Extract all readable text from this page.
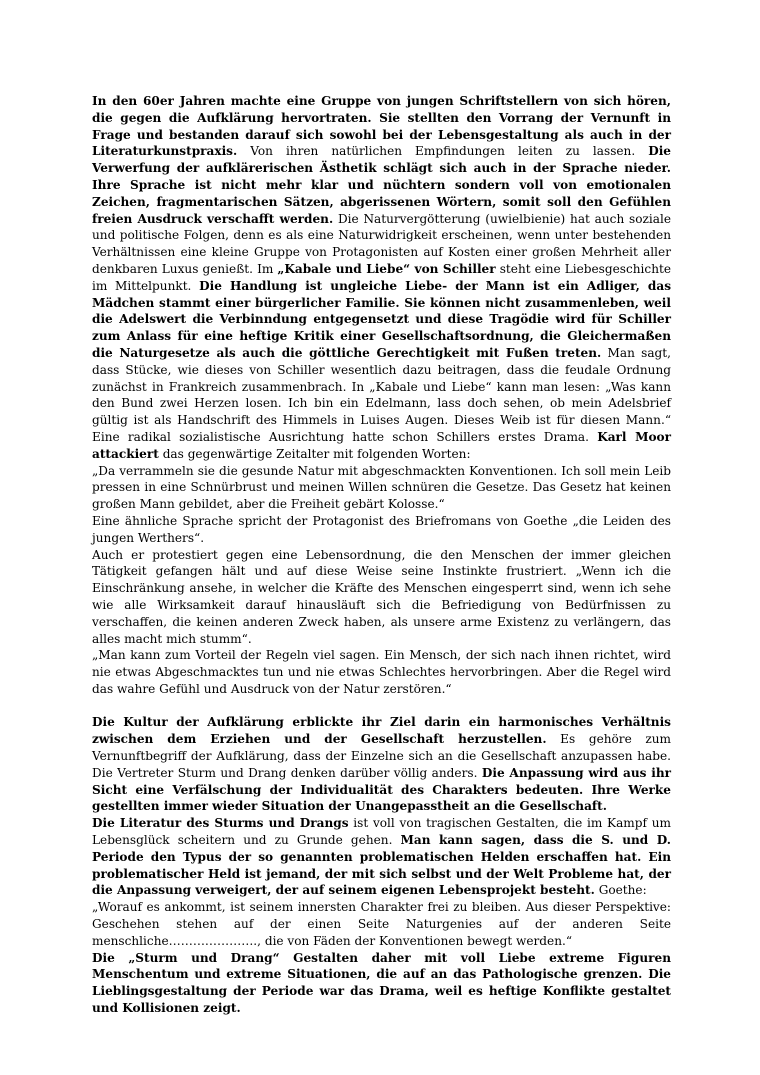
In den 60er Jahren machte eine Gruppe von jungen Schriftstellern von sich hören, die gegen die Aufklärung hervortraten. Sie stellten den Vorrang der Vernunft in Frage und bestanden darauf sich sowohl bei der Lebensgestaltung als auch in der Literaturkunstpraxis. Von ihren natürlichen Empfindungen leiten zu lassen. Die Verwerfung der aufklärerischen Ästhetik schlägt sich auch in der Sprache nieder. Ihre Sprache ist nicht mehr klar und nüchtern sondern voll von emotionalen Zeichen, fragmentarischen Sätzen, abgerissenen Wörtern, somit soll den Gefühlen freien Ausdruck verschafft werden. Die Naturvergötterung (uwielbienie) hat auch soziale und politische Folgen, denn es als eine Naturwidrigkeit erscheinen, wenn unter bestehenden Verhältnissen eine kleine Gruppe von Protagonisten auf Kosten einer großen Mehrheit aller denkbaren Luxus genießt. Im „Kabale und Liebe“ von Schiller steht eine Liebesgeschichte im Mittelpunkt. Die Handlung ist ungleiche Liebe- der Mann ist ein Adliger, das Mädchen stammt einer bürgerlicher Familie. Sie können nicht zusammenleben, weil die Adelswert die Verbinndung entgegensetzt und diese Tragödie wird für Schiller zum Anlass für eine heftige Kritik einer Gesellschaftsordnung, die Gleichermaßen die Naturgesetze als auch die göttliche Gerechtigkeit mit Fußen treten. Man sagt, dass Stücke, wie dieses von Schiller wesentlich dazu beitragen, dass die feudale Ordnung zunächst in Frankreich zusammenbrach. In „Kabale und Liebe“ kann man lesen: „Was kann den Bund zwei Herzen losen. Ich bin ein Edelmann, lass doch sehen, ob mein Adelsbrief gültig ist als Handschrift des Himmels in Luises Augen. Dieses Weib ist für diesen Mann.“ Eine radikal sozialistische Ausrichtung hatte schon Schillers erstes Drama. Karl Moor attackiert das gegenwärtige Zeitalter mit folgenden Worten:

„Da verrammeln sie die gesunde Natur mit abgeschmackten Konventionen. Ich soll mein Leib pressen in eine Schnürbrust und meinen Willen schnüren die Gesetze. Das Gesetz hat keinen großen Mann gebildet, aber die Freiheit gebärt Kolosse.“

Eine ähnliche Sprache spricht der Protagonist des Briefromans von Goethe „die Leiden des jungen Werthers“.

Auch er protestiert gegen eine Lebensordnung, die den Menschen der immer gleichen Tätigkeit gefangen hält und auf diese Weise seine Instinkte frustriert. „Wenn ich die Einschränkung ansehe, in welcher die Kräfte des Menschen eingesperrt sind, wenn ich sehe wie alle Wirksamkeit darauf hinausläuft sich die Befriedigung von Bedürfnissen zu verschaffen, die keinen anderen Zweck haben, als unsere arme Existenz zu verlängern, das alles macht mich stumm“.

„Man kann zum Vorteil der Regeln viel sagen. Ein Mensch, der sich nach ihnen richtet, wird nie etwas Abgeschmacktes tun und nie etwas Schlechtes hervorbringen. Aber die Regel wird das wahre Gefühl und Ausdruck von der Natur zerstören.“

Die Kultur der Aufklärung erblickte ihr Ziel darin ein harmonisches Verhältnis zwischen dem Erziehen und der Gesellschaft herzustellen. Es gehöre zum Vernunftbegriff der Aufklärung, dass der Einzelne sich an die Gesellschaft anzupassen habe. Die Vertreter Sturm und Drang denken darüber völlig anders. Die Anpassung wird aus ihr Sicht eine Verfälschung der Individualität des Charakters bedeuten. Ihre Werke gestellten immer wieder Situation der Unangepasstheit an die Gesellschaft.

Die Literatur des Sturms und Drangs ist voll von tragischen Gestalten, die im Kampf um Lebensglück scheitern und zu Grunde gehen. Man kann sagen, dass die S. und D. Periode den Typus der so genannten problematischen Helden erschaffen hat. Ein problematischer Held ist jemand, der mit sich selbst und der Welt Probleme hat, der die Anpassung verweigert, der auf seinem eigenen Lebensprojekt besteht. Goethe:

„Worauf es ankommt, ist seinem innersten Charakter frei zu bleiben. Aus dieser Perspektive: Geschehen stehen auf der einen Seite Naturgenies auf der anderen Seite menschliche…………………., die von Fäden der Konventionen bewegt werden.“

Die „Sturm und Drang“ Gestalten daher mit voll Liebe extreme Figuren Menschentum und extreme Situationen, die auf an das Pathologische grenzen. Die Lieblingsgestaltung der Periode war das Drama, weil es heftige Konflikte gestaltet und Kollisionen zeigt.
